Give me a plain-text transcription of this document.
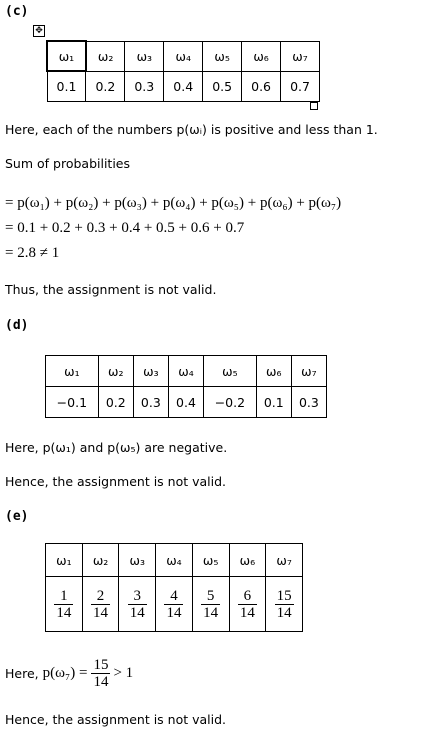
(c)
✥
ω₁	ω₂	ω₃	ω₄	ω₅	ω₆	ω₇
0.1	0.2	0.3	0.4	0.5	0.6	0.7
Here, each of the numbers p(ωᵢ) is positive and less than 1.
Sum of probabilities
= p(ω₁) + p(ω₂) + p(ω₃) + p(ω₄) + p(ω₅) + p(ω₆) + p(ω₇)
= 0.1 + 0.2 + 0.3 + 0.4 + 0.5 + 0.6 + 0.7
= 2.8 ≠ 1
Thus, the assignment is not valid.
(d)
ω₁	ω₂	ω₃	ω₄	ω₅	ω₆	ω₇
−0.1	0.2	0.3	0.4	−0.2	0.1	0.3
Here, p(ω₁) and p(ω₅) are negative.
Hence, the assignment is not valid.
(e)
ω₁	ω₂	ω₃	ω₄	ω₅	ω₆	ω₇

$\frac{1}{14}$	$\frac{2}{14}$	$\frac{3}{14}$	$\frac{4}{14}$	$\frac{5}{14}$	$\frac{6}{14}$	$\frac{15}{14}$
Here, $p(\omega_7) = \frac{15}{14} > 1$
Hence, the assignment is not valid.
